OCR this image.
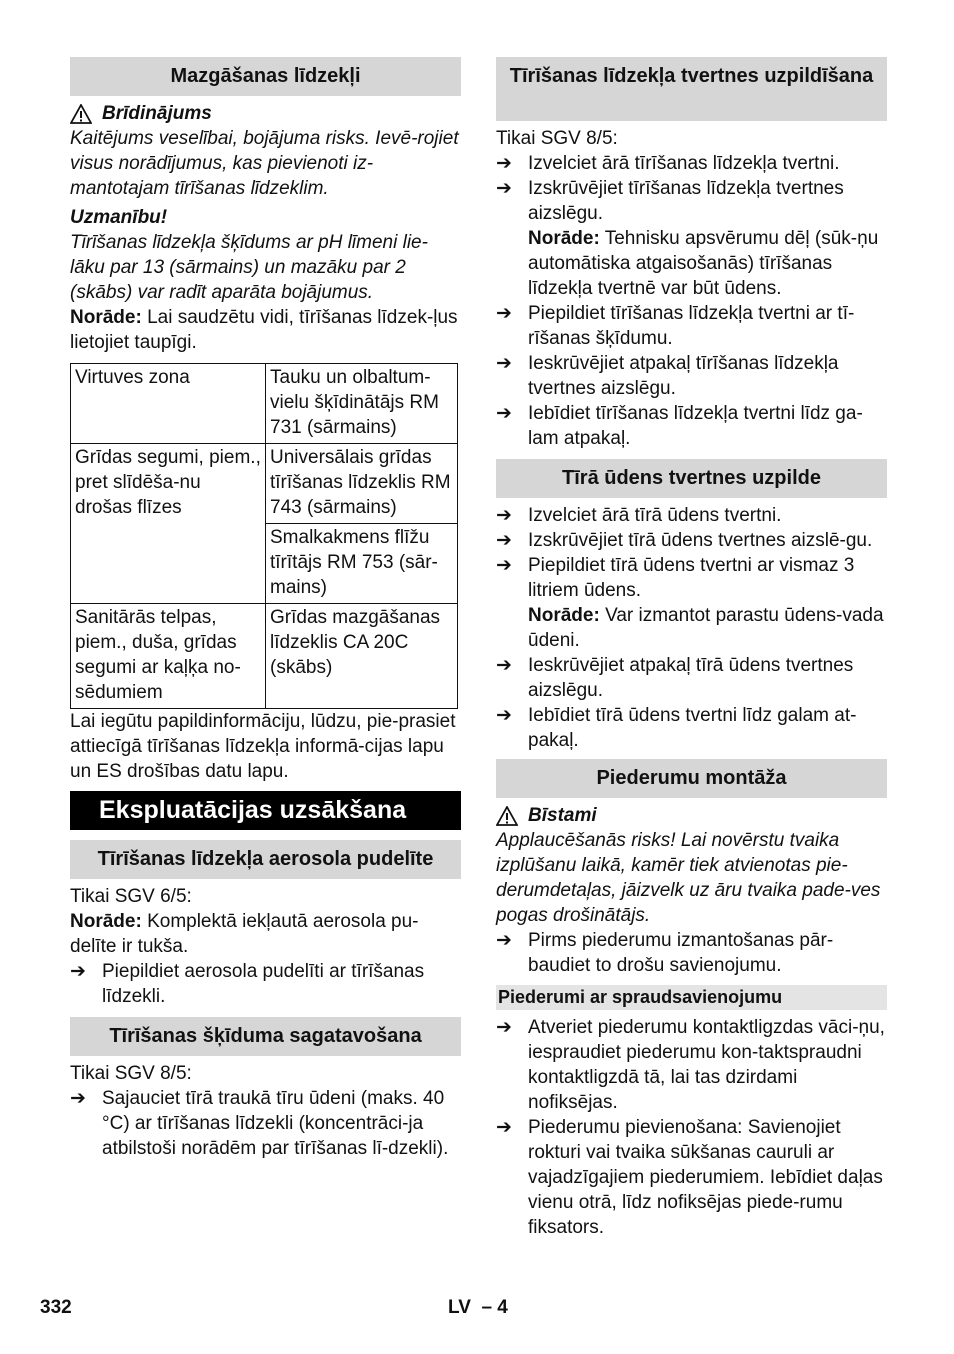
Mazgāšanas līdzekļi

Brīdinājums

Kaitējums veselībai, bojājuma risks. Ievē-rojiet visus norādījumus, kas pievienoti iz-mantotajam tīrīšanas līdzeklim.

Uzmanību!

Tīrīšanas līdzekļa šķīdums ar pH līmeni lie-lāku par 13 (sārmains) un mazāku par 2 (skābs) var radīt aparāta bojājumus.

Norāde: Lai saudzētu vidi, tīrīšanas līdzek-ļus lietojiet taupīgi.

Virtuves zona	Tauku un olbaltum-vielu šķīdinātājs RM 731 (sārmains)
Grīdas segumi, piem., pret slīdēša-nu drošas flīzes	Universālais grīdas tīrīšanas līdzeklis RM 743 (sārmains)
	Smalkakmens flīžu tīrītājs RM 753 (sār-mains)
Sanitārās telpas, piem., duša, grīdas segumi ar kaļķa no-sēdumiem	Grīdas mazgāšanas līdzeklis CA 20C (skābs)

Lai iegūtu papildinformāciju, lūdzu, pie-prasiet attiecīgā tīrīšanas līdzekļa informā-cijas lapu un ES drošības datu lapu.

Ekspluatācijas uzsākšana
Tīrīšanas līdzekļa aerosola pudelīte

Tikai SGV 6/5:

Norāde: Komplektā iekļautā aerosola pu-delīte ir tukša.

➔ Piepildiet aerosola pudelīti ar tīrīšanas līdzekli.

Tīrīšanas šķīduma sagatavošana

Tikai SGV 8/5:

➔ Sajauciet tīrā traukā tīru ūdeni (maks. 40 °C) ar tīrīšanas līdzekli (koncentrāci-ja atbilstoši norādēm par tīrīšanas lī-dzekli).

Tīrīšanas līdzekļa tvertnes uzpildīšana

Tikai SGV 8/5:

➔ Izvelciet ārā tīrīšanas līdzekļa tvertni.

➔ Izskrūvējiet tīrīšanas līdzekļa tvertnes aizslēgu.

Norāde: Tehnisku apsvērumu dēļ (sūk-ņu automātiska atgaisošanās) tīrīšanas līdzekļa tvertnē var būt ūdens.

➔ Piepildiet tīrīšanas līdzekļa tvertni ar tī-rīšanas šķīdumu.

➔ Ieskrūvējiet atpakaļ tīrīšanas līdzekļa tvertnes aizslēgu.

➔ Iebīdiet tīrīšanas līdzekļa tvertni līdz ga-lam atpakaļ.

Tīrā ūdens tvertnes uzpilde
➔ Izvelciet ārā tīrā ūdens tvertni.

➔ Izskrūvējiet tīrā ūdens tvertnes aizslē-gu.

➔ Piepildiet tīrā ūdens tvertni ar vismaz 3 litriem ūdens.

Norāde: Var izmantot parastu ūdens-vada ūdeni.

➔ Ieskrūvējiet atpakaļ tīrā ūdens tvertnes aizslēgu.

➔ Iebīdiet tīrā ūdens tvertni līdz galam at-pakaļ.

Piederumu montāža

Bīstami

Applaucēšanās risks! Lai novērstu tvaika izplūšanu laikā, kamēr tiek atvienotas pie-derumdetaļas, jāizvelk uz āru tvaika pade-ves pogas drošinātājs.

➔ Pirms piederumu izmantošanas pār-baudiet to drošu savienojumu.

Piederumi ar spraudsavienojumu
➔ Atveriet piederumu kontaktligzdas vāci-ņu, iespraudiet piederumu kon-taktspraudni kontaktligzdā tā, lai tas dzirdami nofiksējas.

➔ Piederumu pievienošana: Savienojiet rokturi vai tvaika sūkšanas cauruli ar vajadzīgajiem piederumiem. Iebīdiet daļas vienu otrā, līdz nofiksējas piede-rumu fiksators.

332	LV – 4
